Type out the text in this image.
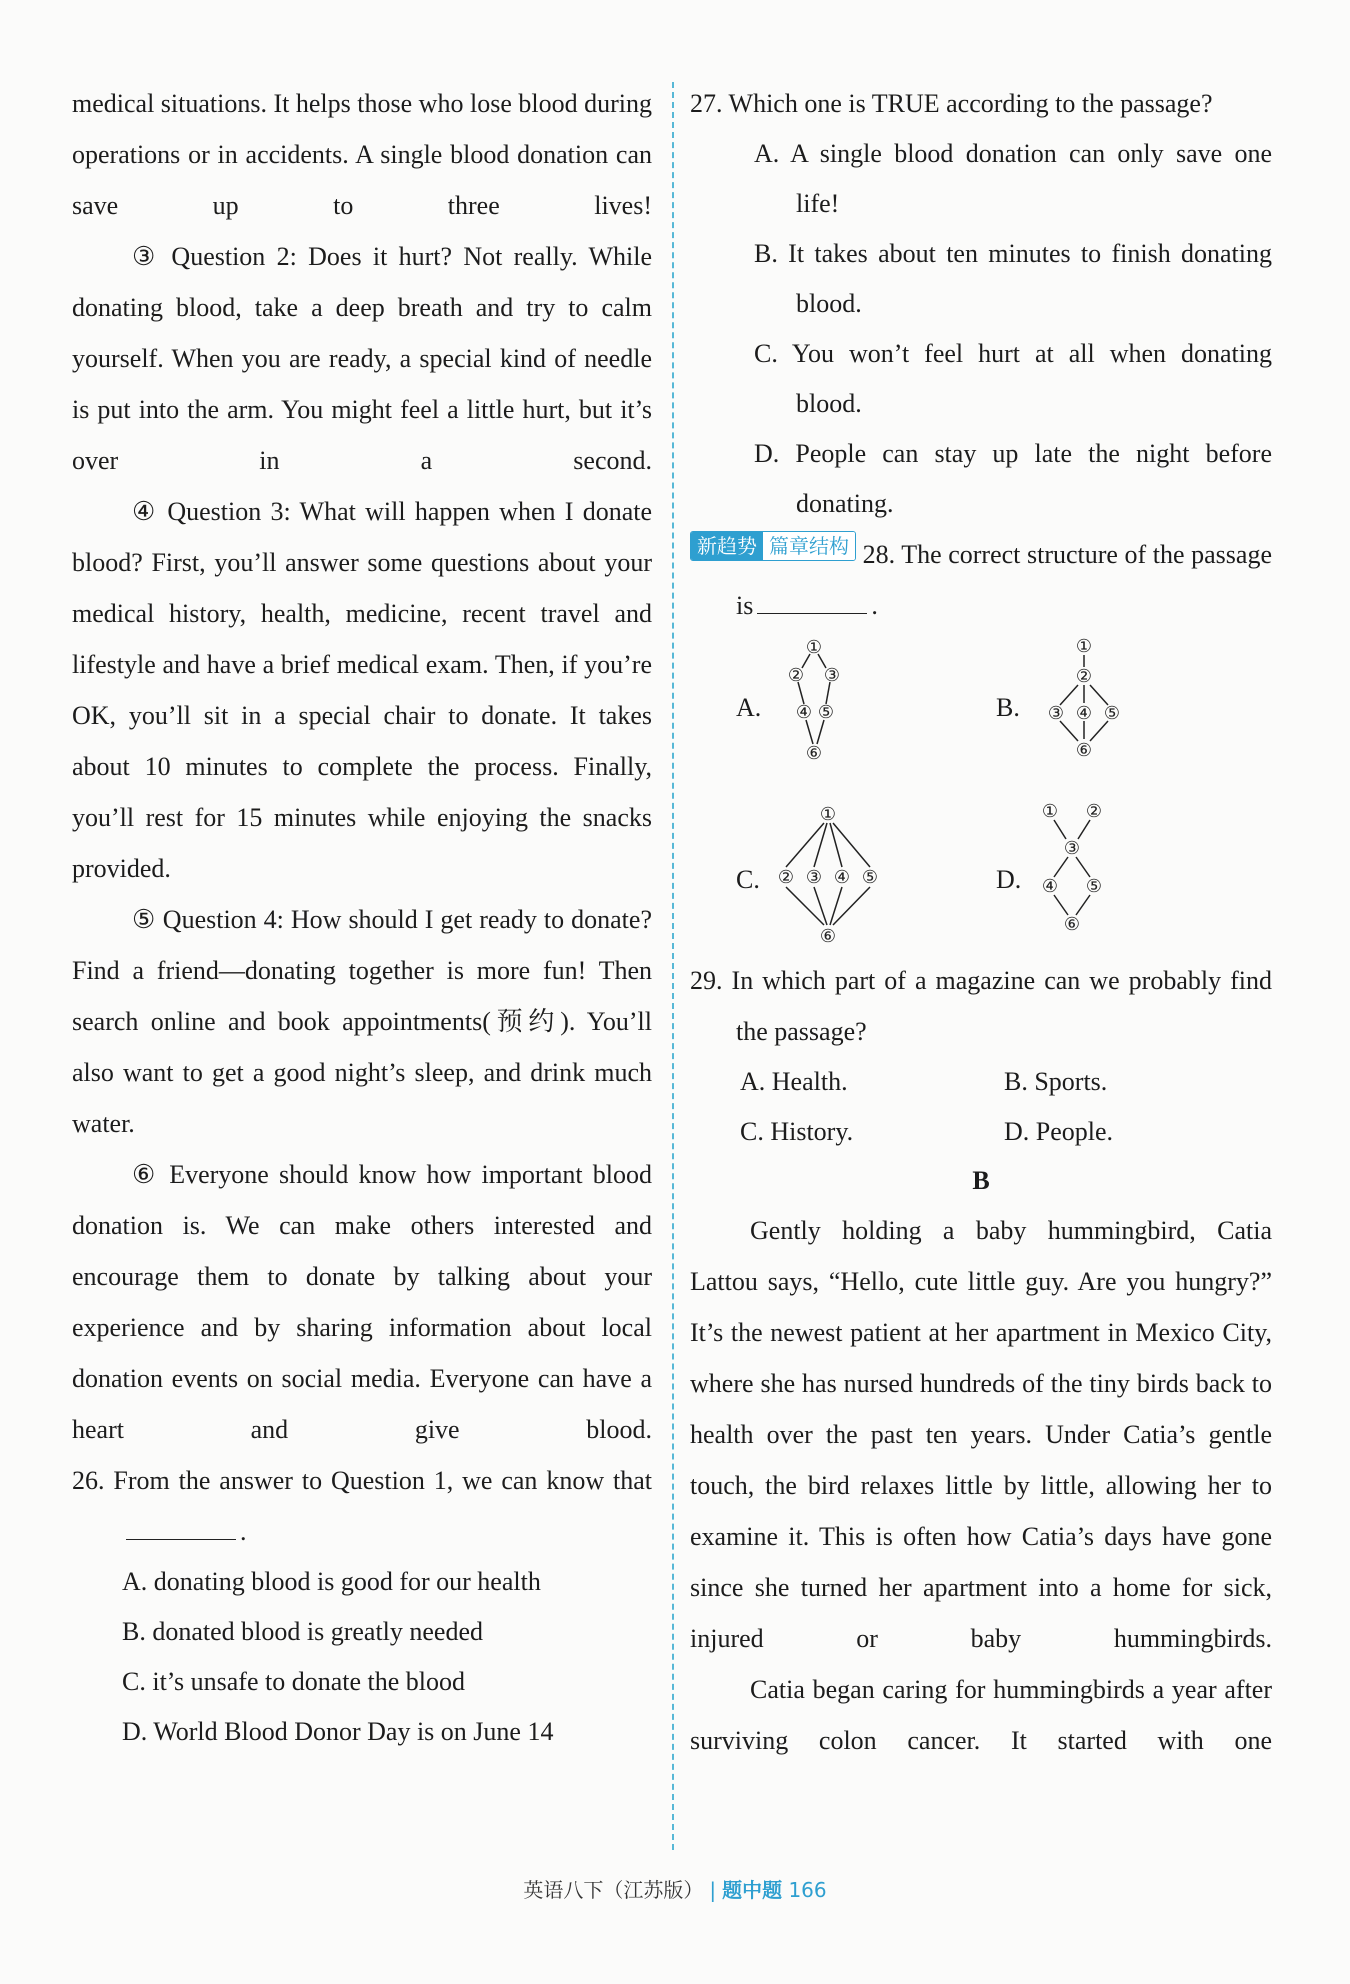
medical situations. It helps those who lose blood during operations or in accidents. A single blood donation can save up to three lives!

③ Question 2: Does it hurt? Not really. While donating blood, take a deep breath and try to calm yourself. When you are ready, a special kind of needle is put into the arm. You might feel a little hurt, but it’s over in a second.

④ Question 3: What will happen when I donate blood? First, you’ll answer some questions about your medical history, health, medicine, recent travel and lifestyle and have a brief medical exam. Then, if you’re OK, you’ll sit in a special chair to donate. It takes about 10 minutes to complete the process. Finally, you’ll rest for 15 minutes while enjoying the snacks provided.

⑤ Question 4: How should I get ready to donate? Find a friend—donating together is more fun! Then search online and book appointments(预约). You’ll also want to get a good night’s sleep, and drink much water.

⑥ Everyone should know how important blood donation is. We can make others interested and encourage them to donate by talking about your experience and by sharing information about local donation events on social media. Everyone can have a heart and give blood.

26. From the answer to Question 1, we can know that.

A. donating blood is good for our health

B. donated blood is greatly needed

C. it’s unsafe to donate the blood

D. World Blood Donor Day is on June 14

27. Which one is TRUE according to the passage?

A. A single blood donation can only save one life!

B. It takes about ten minutes to finish donating blood.

C. You won’t feel hurt at all when donating blood.

D. People can stay up late the night before donating.

新趋势 篇章结构 28. The correct structure of the passage is	.

A.
①
② ③
④ ⑤
⑥
B.
①
②
③ ④ ⑤
⑥
C.
①
② ③ ④ ⑤
⑥
D.
① ②
③
④ ⑤
⑥

29. In which part of a magazine can we probably find the passage?

A. Health.	B. Sports.
C. History.	D. People.

B

Gently holding a baby hummingbird, Catia Lattou says, “Hello, cute little guy. Are you hungry?” It’s the newest patient at her apartment in Mexico City, where she has nursed hundreds of the tiny birds back to health over the past ten years. Under Catia’s gentle touch, the bird relaxes little by little, allowing her to examine it. This is often how Catia’s days have gone since she turned her apartment into a home for sick, injured or baby hummingbirds.

Catia began caring for hummingbirds a year after surviving colon cancer. It started with one

英语八下（江苏版） | 题中题 166
